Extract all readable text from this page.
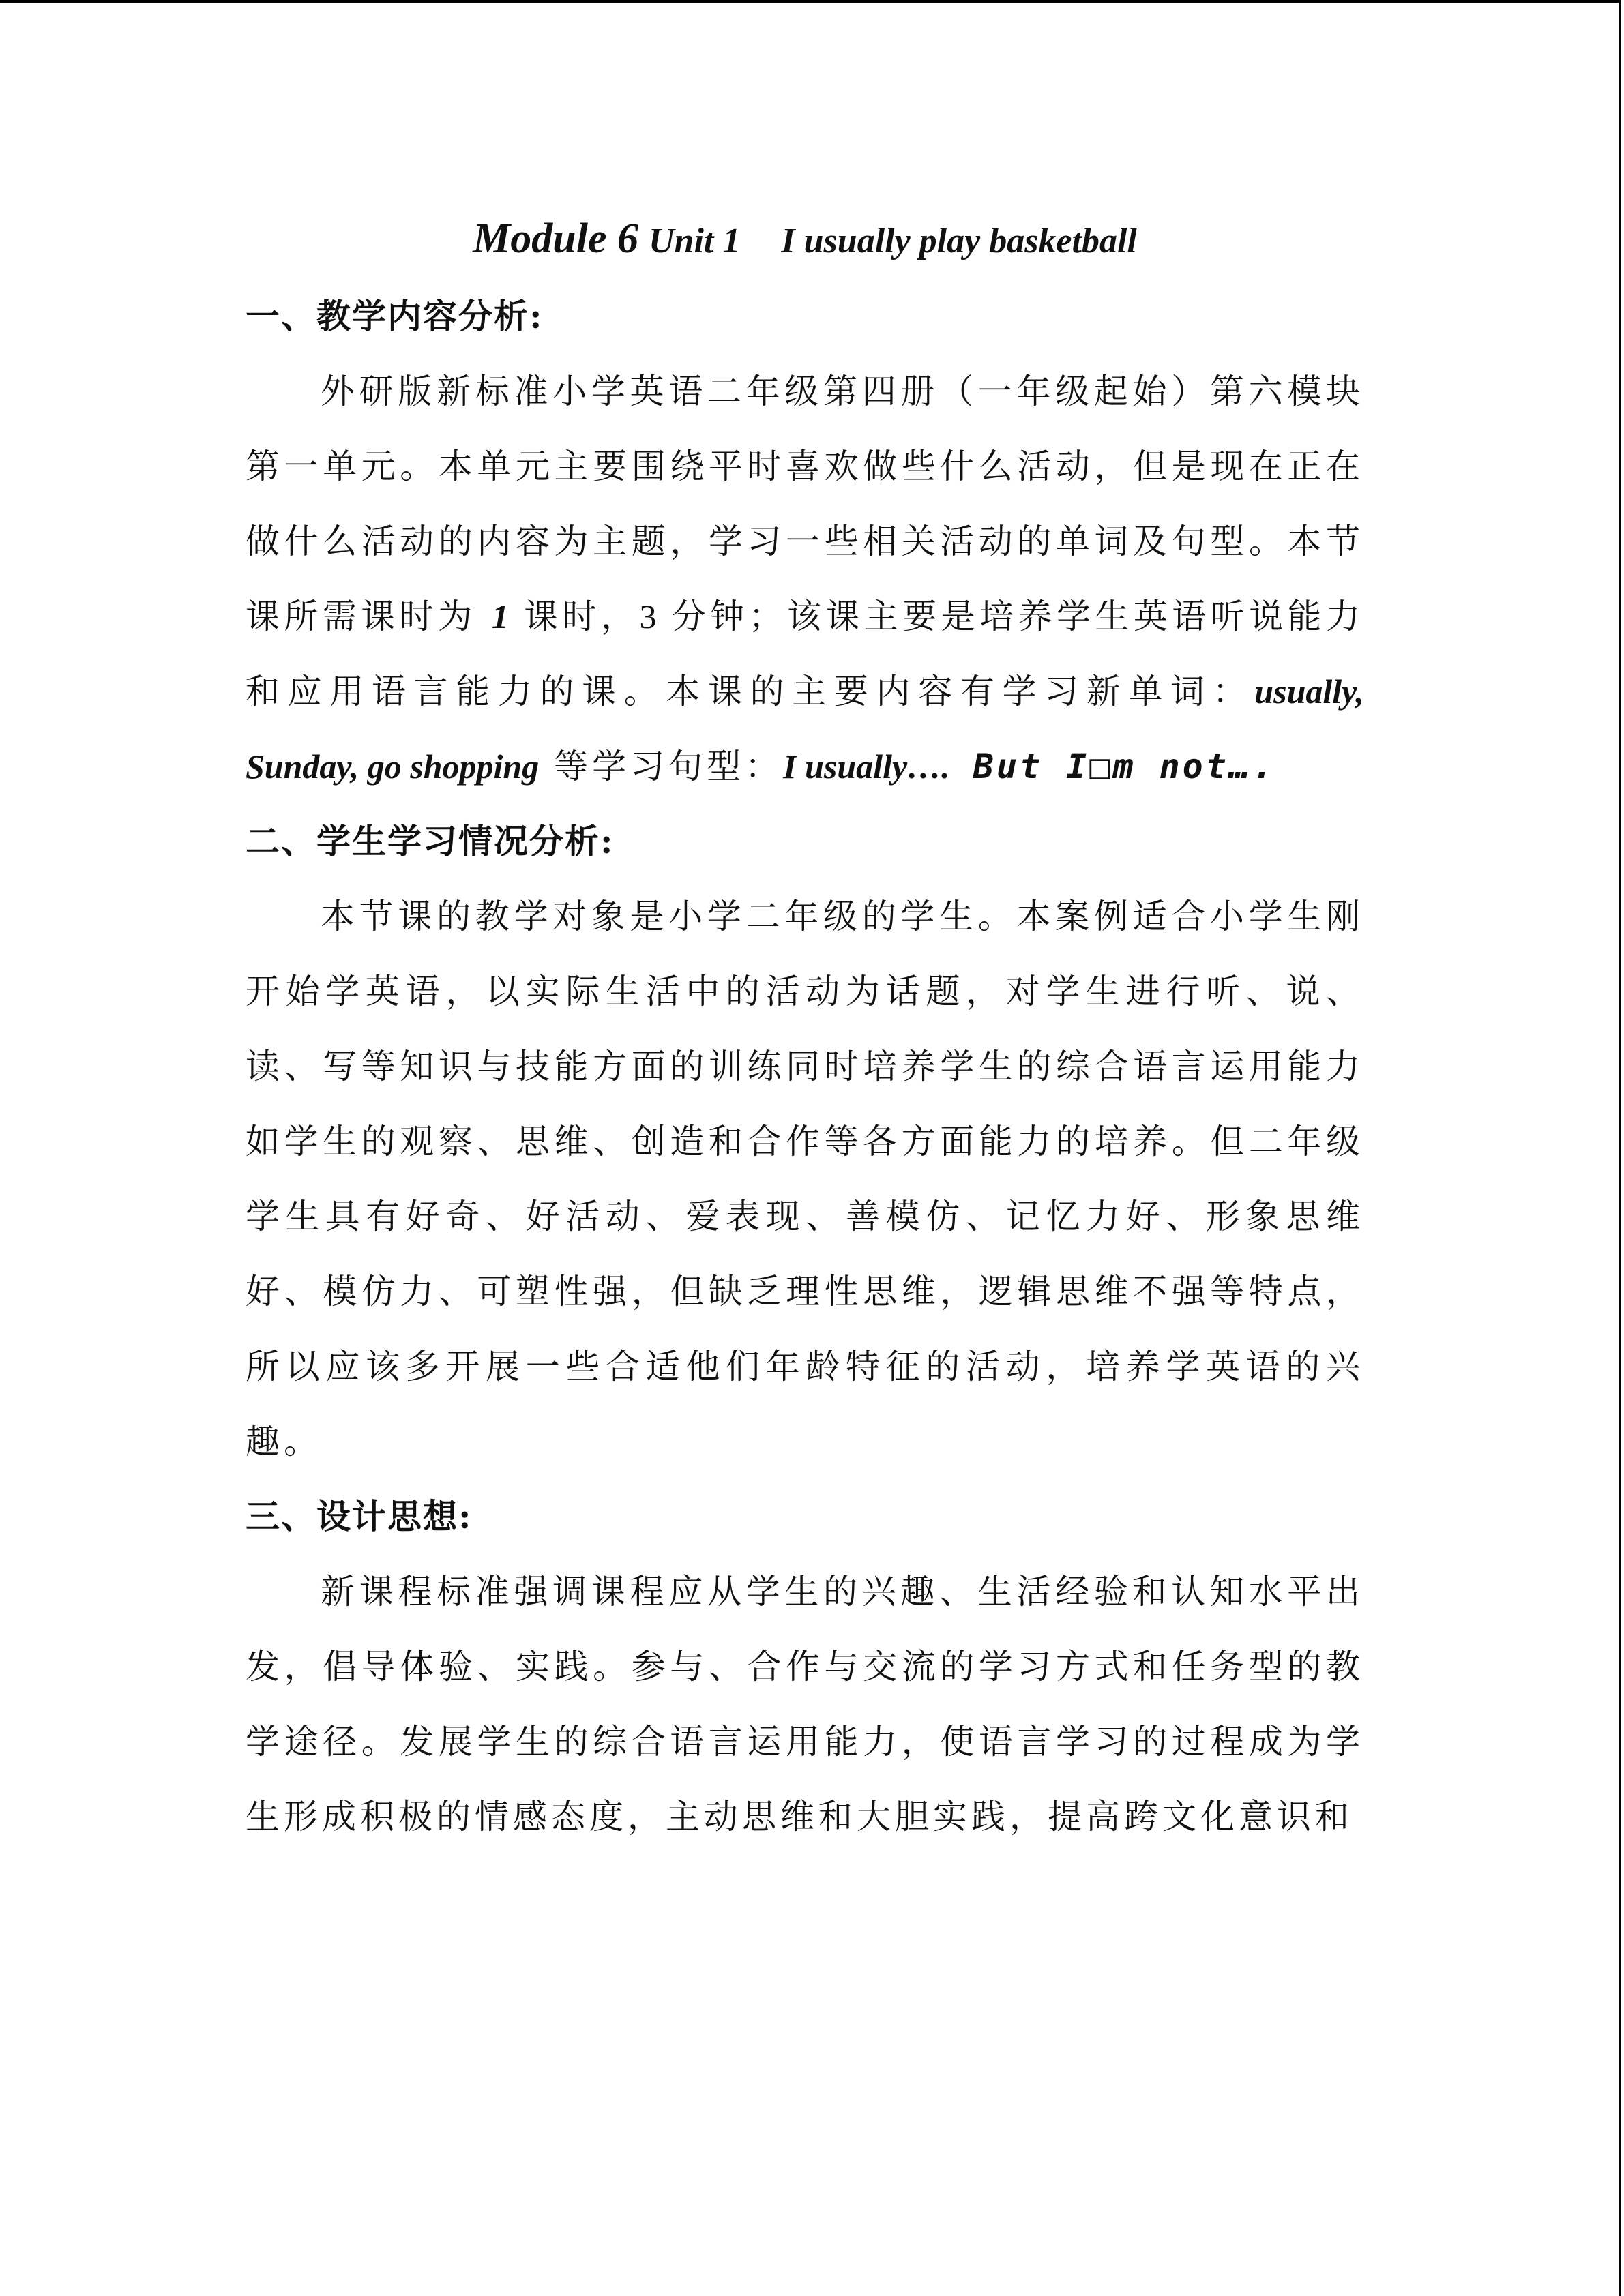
Module 6 Unit 1 I usually play basketball
一、教学内容分析:

外研版新标准小学英语二年级第四册（一年级起始）第六模块第一单元。本单元主要围绕平时喜欢做些什么活动，但是现在正在做什么活动的内容为主题，学习一些相关活动的单词及句型。本节课所需课时为 1 课时，3 分钟；该课主要是培养学生英语听说能力和应用语言能力的课。本课的主要内容有学习新单词：usually, Sunday, go shopping 等学习句型：I usually…. But I□m not….

二、学生学习情况分析:

本节课的教学对象是小学二年级的学生。本案例适合小学生刚开始学英语，以实际生活中的活动为话题，对学生进行听、说、读、写等知识与技能方面的训练同时培养学生的综合语言运用能力如学生的观察、思维、创造和合作等各方面能力的培养。但二年级学生具有好奇、好活动、爱表现、善模仿、记忆力好、形象思维好、模仿力、可塑性强，但缺乏理性思维，逻辑思维不强等特点，所以应该多开展一些合适他们年龄特征的活动，培养学英语的兴趣。

三、设计思想:

新课程标准强调课程应从学生的兴趣、生活经验和认知水平出发，倡导体验、实践。参与、合作与交流的学习方式和任务型的教学途径。发展学生的综合语言运用能力，使语言学习的过程成为学生形成积极的情感态度，主动思维和大胆实践，提高跨文化意识和
